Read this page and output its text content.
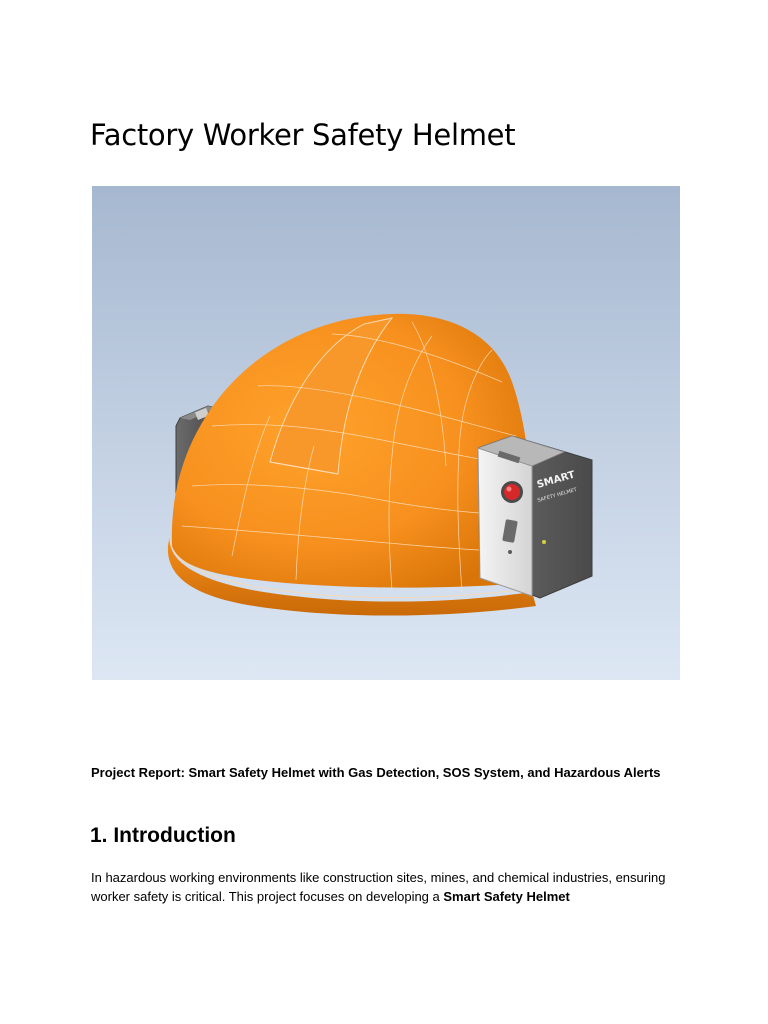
Factory Worker Safety Helmet
SMART
SAFETY HELMET

Project Report: Smart Safety Helmet with Gas Detection, SOS System, and Hazardous Alerts

1. Introduction

In hazardous working environments like construction sites, mines, and chemical industries, ensuring worker safety is critical. This project focuses on developing a Smart Safety Helmet
